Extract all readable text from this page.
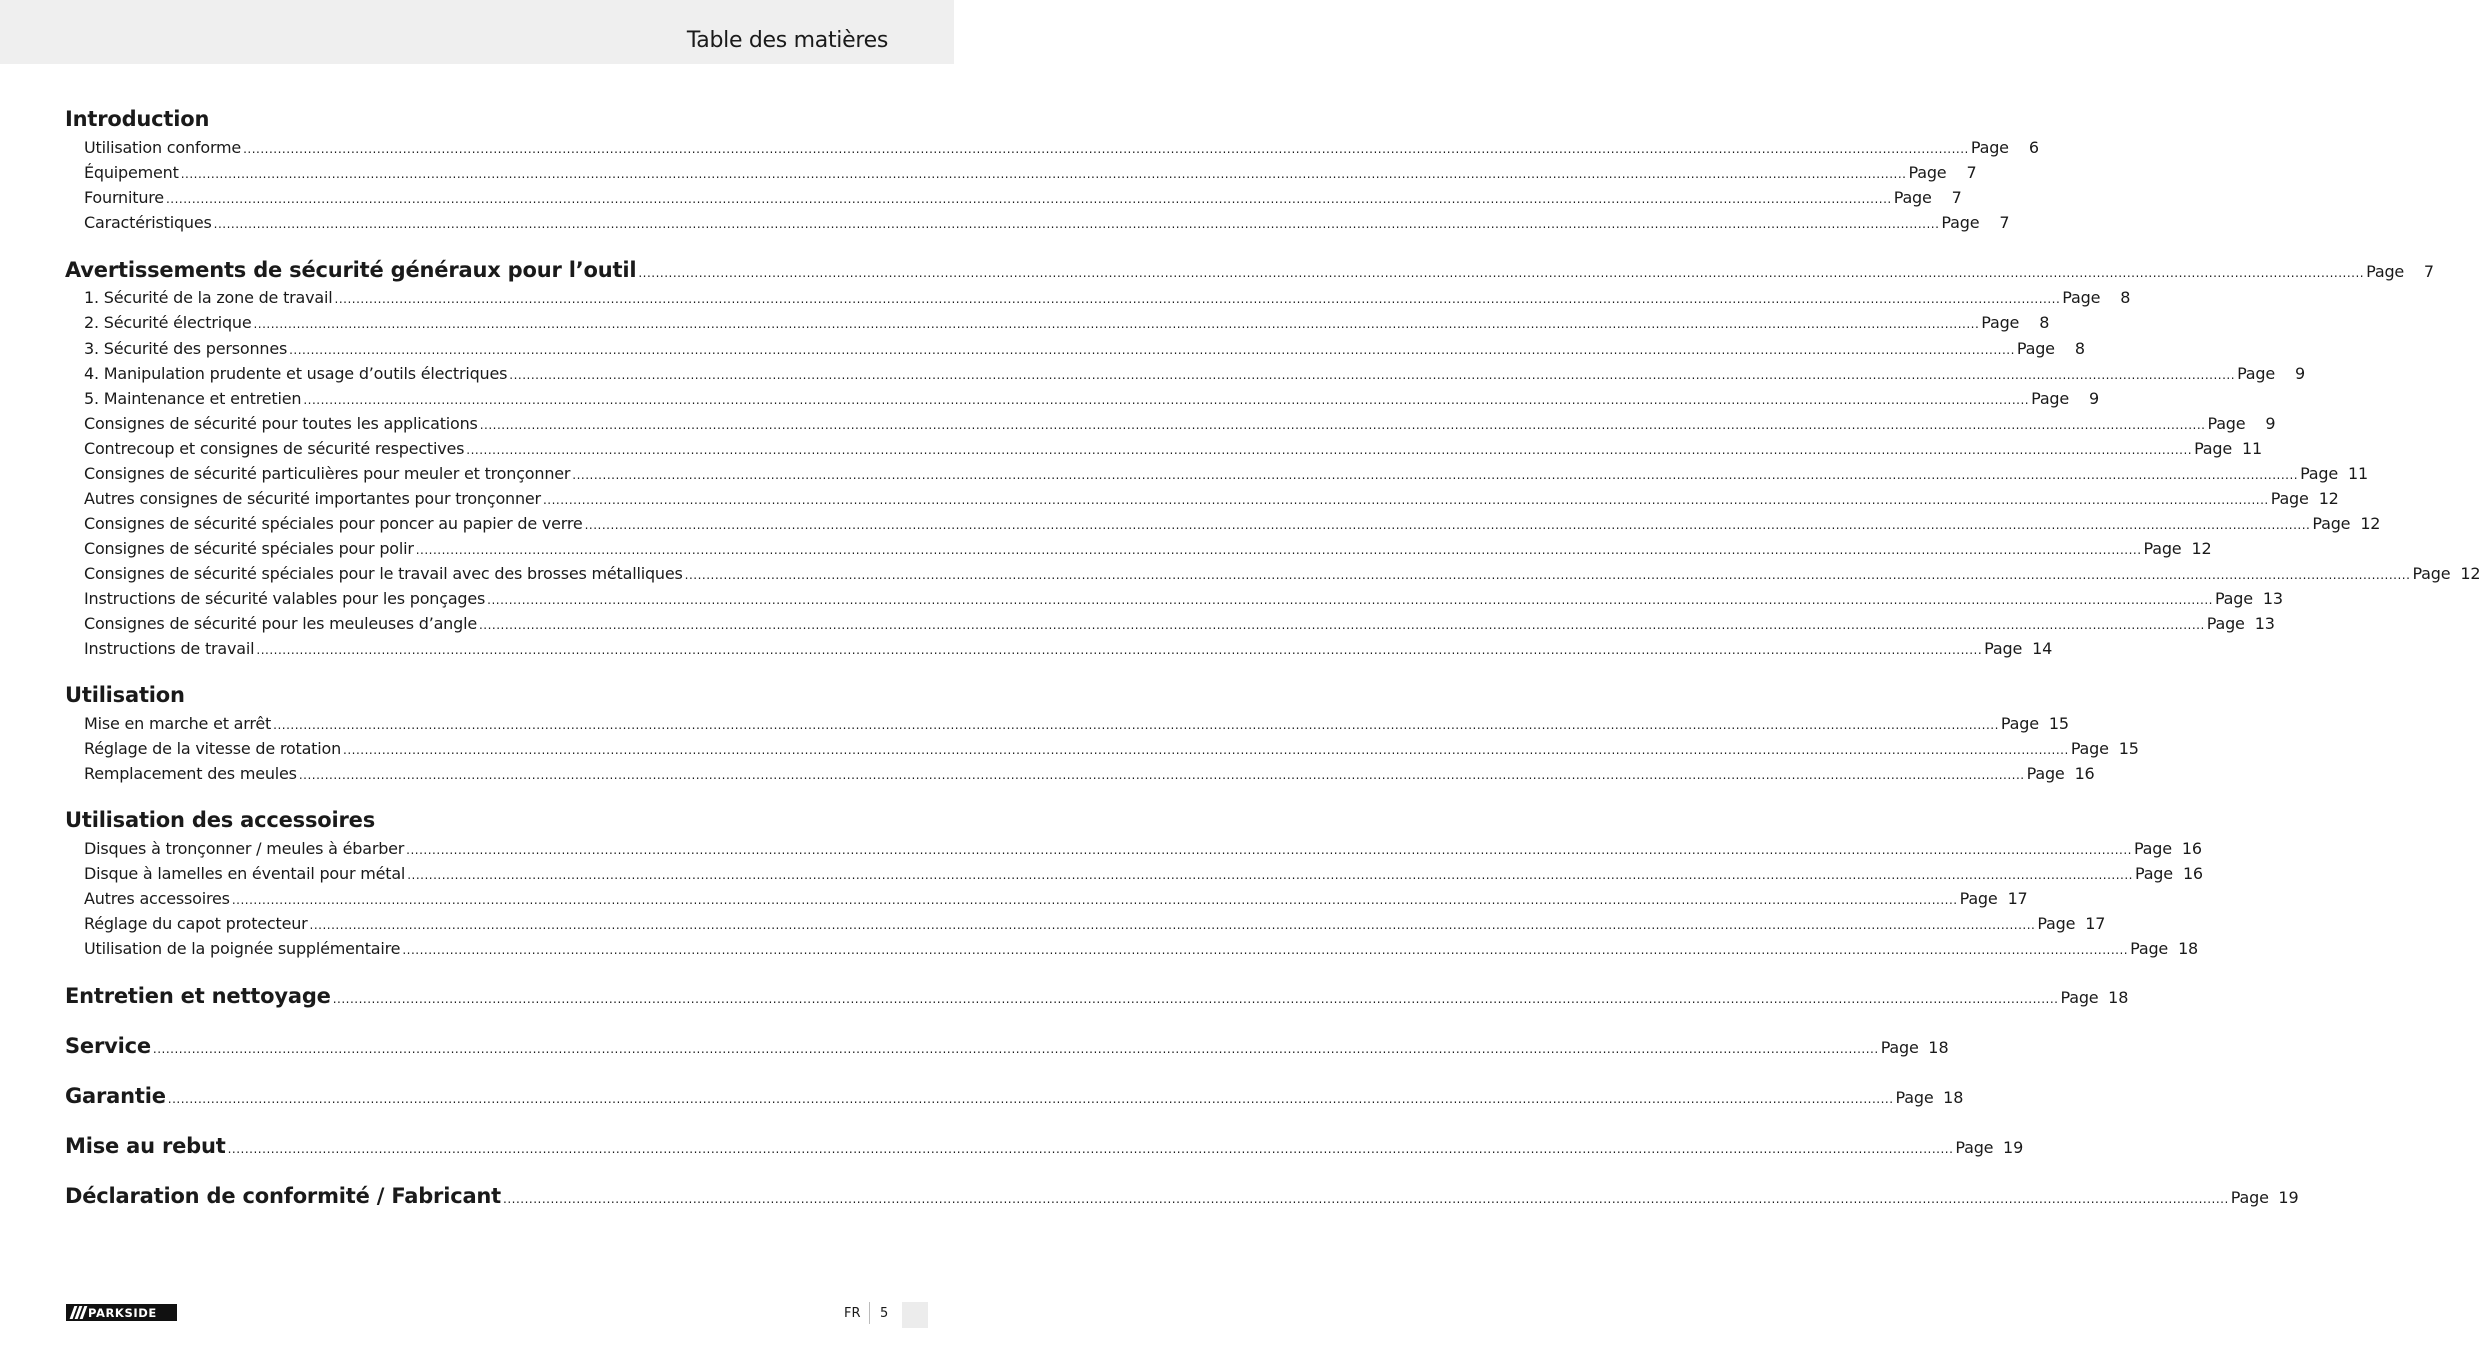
Table des matières
Introduction
Utilisation conforme ................................................................................................................................................................................................................................................................................................................................................................................................................ Page	6
Équipement ................................................................................................................................................................................................................................................................................................................................................................................................................ Page	7
Fourniture ................................................................................................................................................................................................................................................................................................................................................................................................................ Page	7
Caractéristiques ................................................................................................................................................................................................................................................................................................................................................................................................................ Page	7
Avertissements de sécurité généraux pour l’outil ................................................................................................................................................................................................................................................................................................................................................................................................................ Page	7
1. Sécurité de la zone de travail ................................................................................................................................................................................................................................................................................................................................................................................................................ Page	8
2. Sécurité électrique ................................................................................................................................................................................................................................................................................................................................................................................................................ Page	8
3. Sécurité des personnes ................................................................................................................................................................................................................................................................................................................................................................................................................ Page	8
4. Manipulation prudente et usage d’outils électriques ................................................................................................................................................................................................................................................................................................................................................................................................................ Page	9
5. Maintenance et entretien ................................................................................................................................................................................................................................................................................................................................................................................................................ Page	9
Consignes de sécurité pour toutes les applications ................................................................................................................................................................................................................................................................................................................................................................................................................ Page	9
Contrecoup et consignes de sécurité respectives ................................................................................................................................................................................................................................................................................................................................................................................................................ Page 11
Consignes de sécurité particulières pour meuler et tronçonner ................................................................................................................................................................................................................................................................................................................................................................................................................ Page 11
Autres consignes de sécurité importantes pour tronçonner ................................................................................................................................................................................................................................................................................................................................................................................................................ Page 12
Consignes de sécurité spéciales pour poncer au papier de verre ................................................................................................................................................................................................................................................................................................................................................................................................................ Page 12
Consignes de sécurité spéciales pour polir ................................................................................................................................................................................................................................................................................................................................................................................................................ Page 12
Consignes de sécurité spéciales pour le travail avec des brosses métalliques ................................................................................................................................................................................................................................................................................................................................................................................................................ Page 12
Instructions de sécurité valables pour les ponçages ................................................................................................................................................................................................................................................................................................................................................................................................................ Page 13
Consignes de sécurité pour les meuleuses d’angle ................................................................................................................................................................................................................................................................................................................................................................................................................ Page 13
Instructions de travail ................................................................................................................................................................................................................................................................................................................................................................................................................ Page 14
Utilisation
Mise en marche et arrêt ................................................................................................................................................................................................................................................................................................................................................................................................................ Page 15
Réglage de la vitesse de rotation ................................................................................................................................................................................................................................................................................................................................................................................................................ Page 15
Remplacement des meules ................................................................................................................................................................................................................................................................................................................................................................................................................ Page 16
Utilisation des accessoires
Disques à tronçonner / meules à ébarber ................................................................................................................................................................................................................................................................................................................................................................................................................ Page 16
Disque à lamelles en éventail pour métal ................................................................................................................................................................................................................................................................................................................................................................................................................ Page 16
Autres accessoires ................................................................................................................................................................................................................................................................................................................................................................................................................ Page 17
Réglage du capot protecteur ................................................................................................................................................................................................................................................................................................................................................................................................................ Page 17
Utilisation de la poignée supplémentaire ................................................................................................................................................................................................................................................................................................................................................................................................................ Page 18
Entretien et nettoyage ................................................................................................................................................................................................................................................................................................................................................................................................................ Page 18
Service ................................................................................................................................................................................................................................................................................................................................................................................................................ Page 18
Garantie ................................................................................................................................................................................................................................................................................................................................................................................................................ Page 18
Mise au rebut ................................................................................................................................................................................................................................................................................................................................................................................................................ Page 19
Déclaration de conformité / Fabricant ................................................................................................................................................................................................................................................................................................................................................................................................................ Page 19
PARKSIDE	FR 5
